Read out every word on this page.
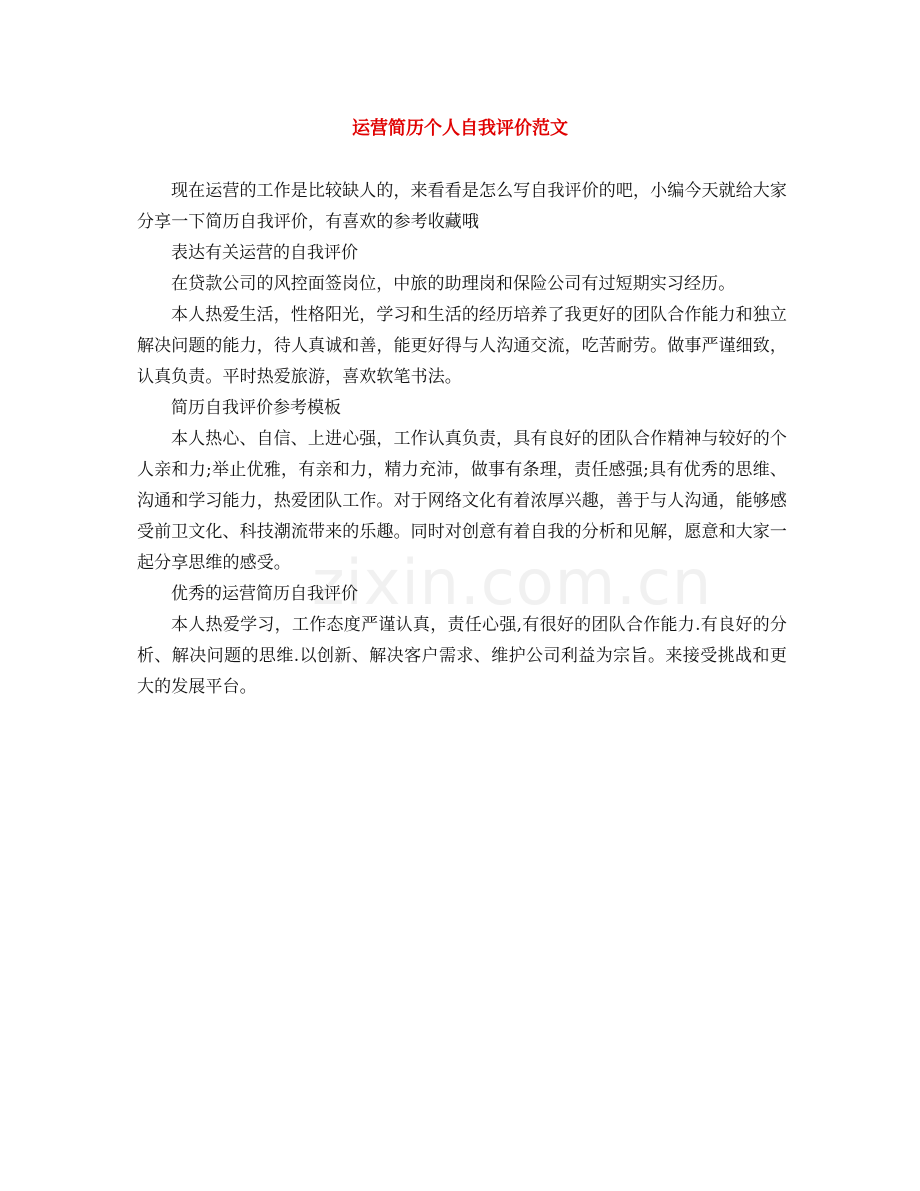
运营简历个人自我评价范文
zixin.com.cn

现在运营的工作是比较缺人的，来看看是怎么写自我评价的吧，小编今天就给大家分享一下简历自我评价，有喜欢的参考收藏哦

表达有关运营的自我评价

在贷款公司的风控面签岗位，中旅的助理岗和保险公司有过短期实习经历。

本人热爱生活，性格阳光，学习和生活的经历培养了我更好的团队合作能力和独立解决问题的能力，待人真诚和善，能更好得与人沟通交流，吃苦耐劳。做事严谨细致，认真负责。平时热爱旅游，喜欢软笔书法。

简历自我评价参考模板

本人热心、自信、上进心强，工作认真负责，具有良好的团队合作精神与较好的个人亲和力;举止优雅，有亲和力，精力充沛，做事有条理，责任感强;具有优秀的思维、沟通和学习能力，热爱团队工作。对于网络文化有着浓厚兴趣，善于与人沟通，能够感受前卫文化、科技潮流带来的乐趣。同时对创意有着自我的分析和见解，愿意和大家一起分享思维的感受。

优秀的运营简历自我评价

本人热爱学习，工作态度严谨认真，责任心强,有很好的团队合作能力.有良好的分析、解决问题的思维.以创新、解决客户需求、维护公司利益为宗旨。来接受挑战和更大的发展平台。
